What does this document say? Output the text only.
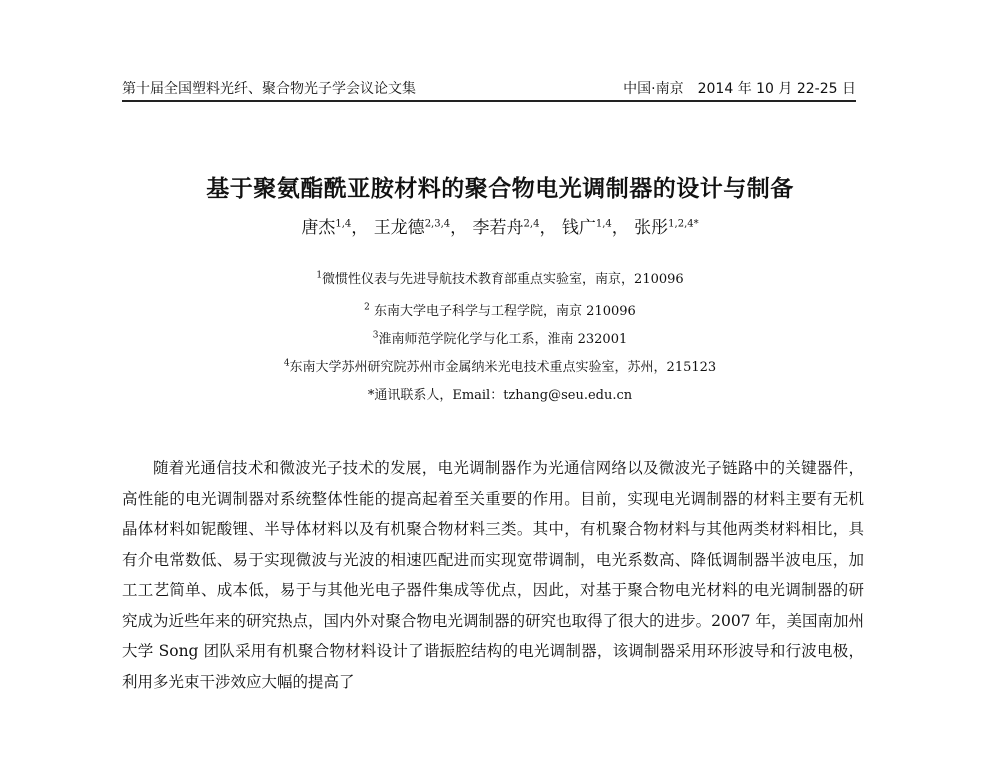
第十届全国塑料光纤、聚合物光子学会议论文集	中国·南京　2014 年 10 月 22-25 日
基于聚氨酯酰亚胺材料的聚合物电光调制器的设计与制备
唐杰$^{1,4}$， 王龙德$^{2,3,4}$， 李若舟$^{2,4}$， 钱广$^{1,4}$， 张彤$^{1,2,4*}$
$^1$微惯性仪表与先进导航技术教育部重点实验室，南京，210096
$^2$ 东南大学电子科学与工程学院，南京 210096
$^3$淮南师范学院化学与化工系，淮南 232001
$^4$东南大学苏州研究院苏州市金属纳米光电技术重点实验室，苏州，215123
*通讯联系人，Email：tzhang@seu.edu.cn

随着光通信技术和微波光子技术的发展，电光调制器作为光通信网络以及微波光子链路中的关键器件，高性能的电光调制器对系统整体性能的提高起着至关重要的作用。目前，实现电光调制器的材料主要有无机晶体材料如铌酸锂、半导体材料以及有机聚合物材料三类。其中，有机聚合物材料与其他两类材料相比，具有介电常数低、易于实现微波与光波的相速匹配进而实现宽带调制，电光系数高、降低调制器半波电压，加工工艺简单、成本低，易于与其他光电子器件集成等优点，因此，对基于聚合物电光材料的电光调制器的研究成为近些年来的研究热点，国内外对聚合物电光调制器的研究也取得了很大的进步。2007 年，美国南加州大学 Song 团队采用有机聚合物材料设计了谐振腔结构的电光调制器，该调制器采用环形波导和行波电极，利用多光束干涉效应大幅的提高了
